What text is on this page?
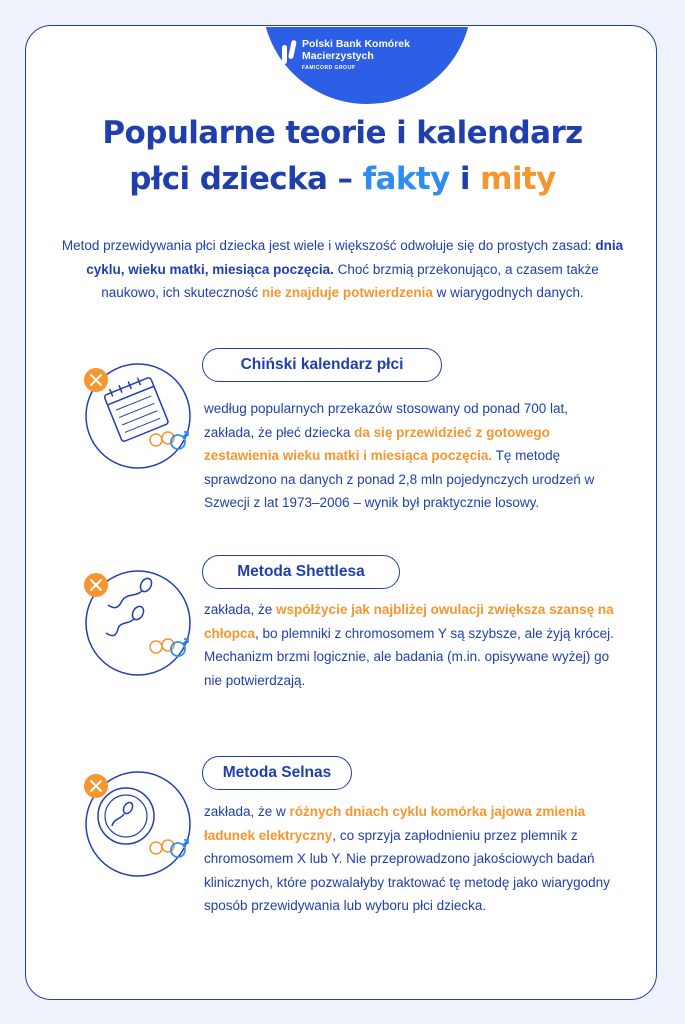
Polski Bank Komórek
Macierzystych
FAMICORD GROUP
Popularne teorie i kalendarz
płci dziecka – fakty i mity
Metod przewidywania płci dziecka jest wiele i większość odwołuje się do prostych zasad: dnia cyklu, wieku matki, miesiąca poczęcia. Choć brzmią przekonująco, a czasem także naukowo, ich skuteczność nie znajduje potwierdzenia w wiarygodnych danych.
Chiński kalendarz płci
według popularnych przekazów stosowany od ponad 700 lat, zakłada, że płeć dziecka da się przewidzieć z gotowego zestawienia wieku matki i miesiąca poczęcia. Tę metodę sprawdzono na danych z ponad 2,8 mln pojedynczych urodzeń w Szwecji z lat 1973–2006 – wynik był praktycznie losowy.
Metoda Shettlesa
zakłada, że współżycie jak najbliżej owulacji zwiększa szansę na chłopca, bo plemniki z chromosomem Y są szybsze, ale żyją krócej. Mechanizm brzmi logicznie, ale badania (m.in. opisywane wyżej) go nie potwierdzają.
Metoda Selnas
zakłada, że w różnych dniach cyklu komórka jajowa zmienia ładunek elektryczny, co sprzyja zapłodnieniu przez plemnik z chromosomem X lub Y. Nie przeprowadzono jakościowych badań klinicznych, które pozwalałyby traktować tę metodę jako wiarygodny sposób przewidywania lub wyboru płci dziecka.
